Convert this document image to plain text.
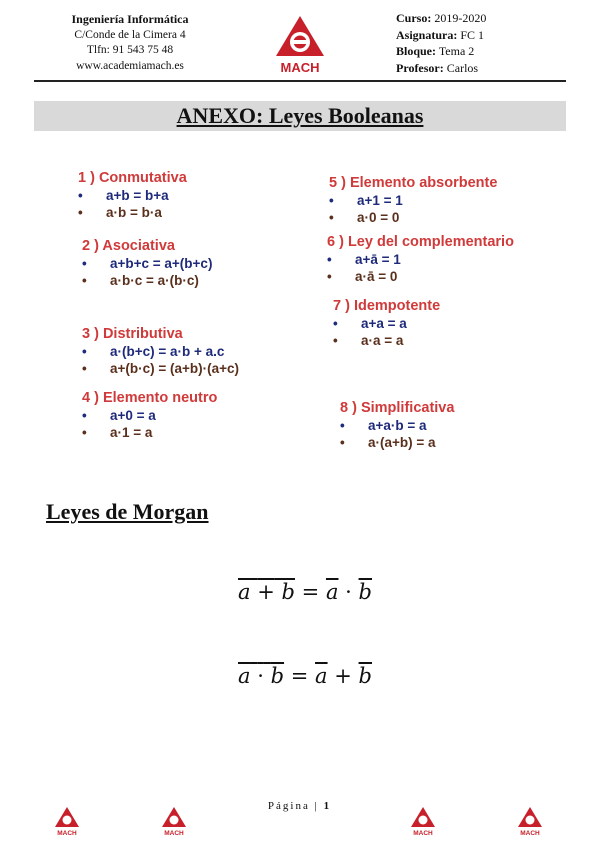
Ingeniería Informática
C/Conde de la Cimera 4
Tlfn: 91 543 75 48
www.academiamach.es	MACH
Curso: 2019-2020
Asignatura: FC 1
Bloque: Tema 2
Profesor: Carlos
ANEXO: Leyes Booleanas
1 ) Conmutativa
• a+b = b+a
• a·b = b·a
2 ) Asociativa
• a+b+c = a+(b+c)
• a·b·c = a·(b·c)
3 ) Distributiva
• a·(b+c) = a·b + a.c
• a+(b·c) = (a+b)·(a+c)
4 ) Elemento neutro
• a+0 = a
• a·1 = a
5 ) Elemento absorbente
• a+1 = 1
• a·0 = 0
6 ) Ley del complementario
• a+ā = 1
• a·ā = 0
7 ) Idempotente
• a+a = a
• a·a = a
8 ) Simplificativa
• a+a·b = a
• a·(a+b) = a
Leyes de Morgan
$a + b = \overline{a} \cdot \overline{b}$
$a \cdot b = \overline{a} + \overline{b}$
Página | 1
MACH	MACH	MACH	MACH
